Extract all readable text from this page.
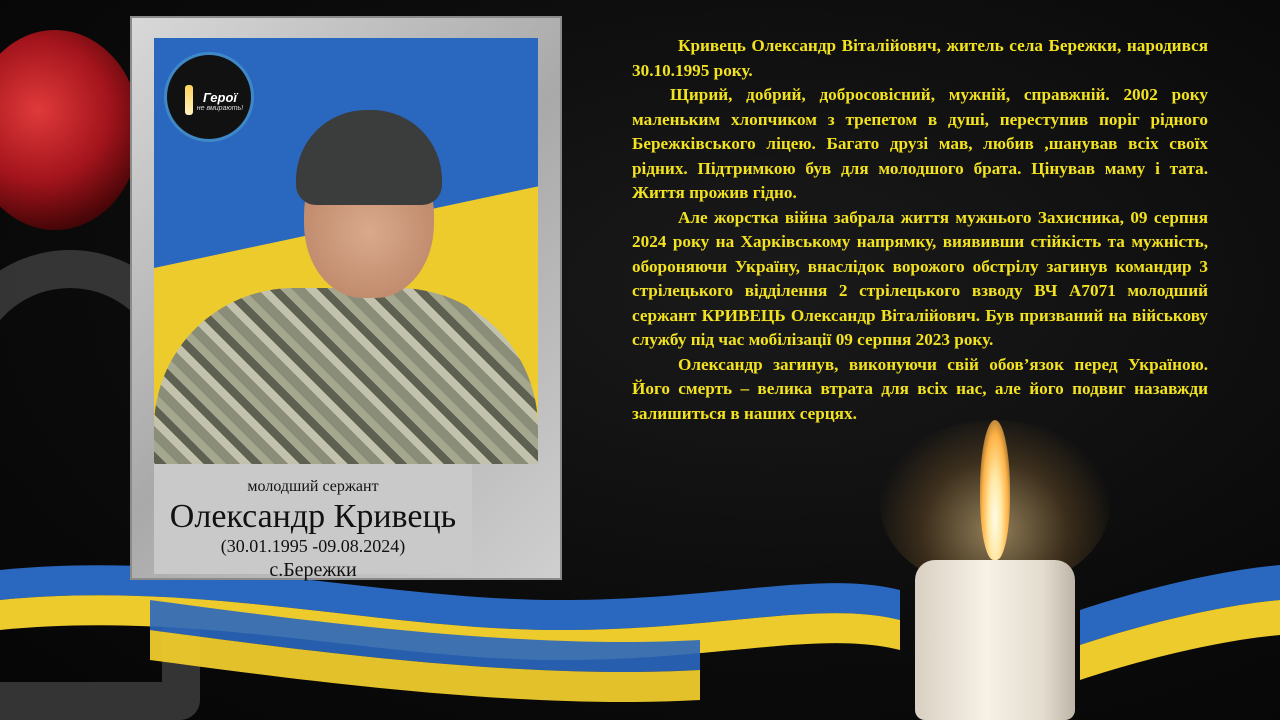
Герої
не вмирають!
молодший сержант
Олександр Кривець
(30.01.1995 -09.08.2024)
с.Бережки

Кривець Олександр Віталійович, житель села Бережки, народився 30.10.1995 року.

Щирий, добрий, добросовісний, мужній, справжній. 2002 року маленьким хлопчиком з трепетом в душі, переступив поріг рідного Бережківського ліцею. Багато друзі мав, любив ,шанував всіх своїх рідних. Підтримкою був для молодшого брата. Цінував маму і тата. Життя прожив гідно.

Але жорстка війна забрала життя мужнього Захисника, 09 серпня 2024 року на Харківському напрямку, виявивши стійкість та мужність, обороняючи Україну, внаслідок ворожого обстрілу загинув командир 3 стрілецького відділення 2 стрілецького взводу ВЧ А7071 молодший сержант КРИВЕЦЬ Олександр Віталійович. Був призваний на військову службу під час мобілізації 09 серпня 2023 року.

Олександр загинув, виконуючи свій обов’язок перед Україною. Його смерть – велика втрата для всіх нас, але його подвиг назавжди залишиться в наших серцях.
